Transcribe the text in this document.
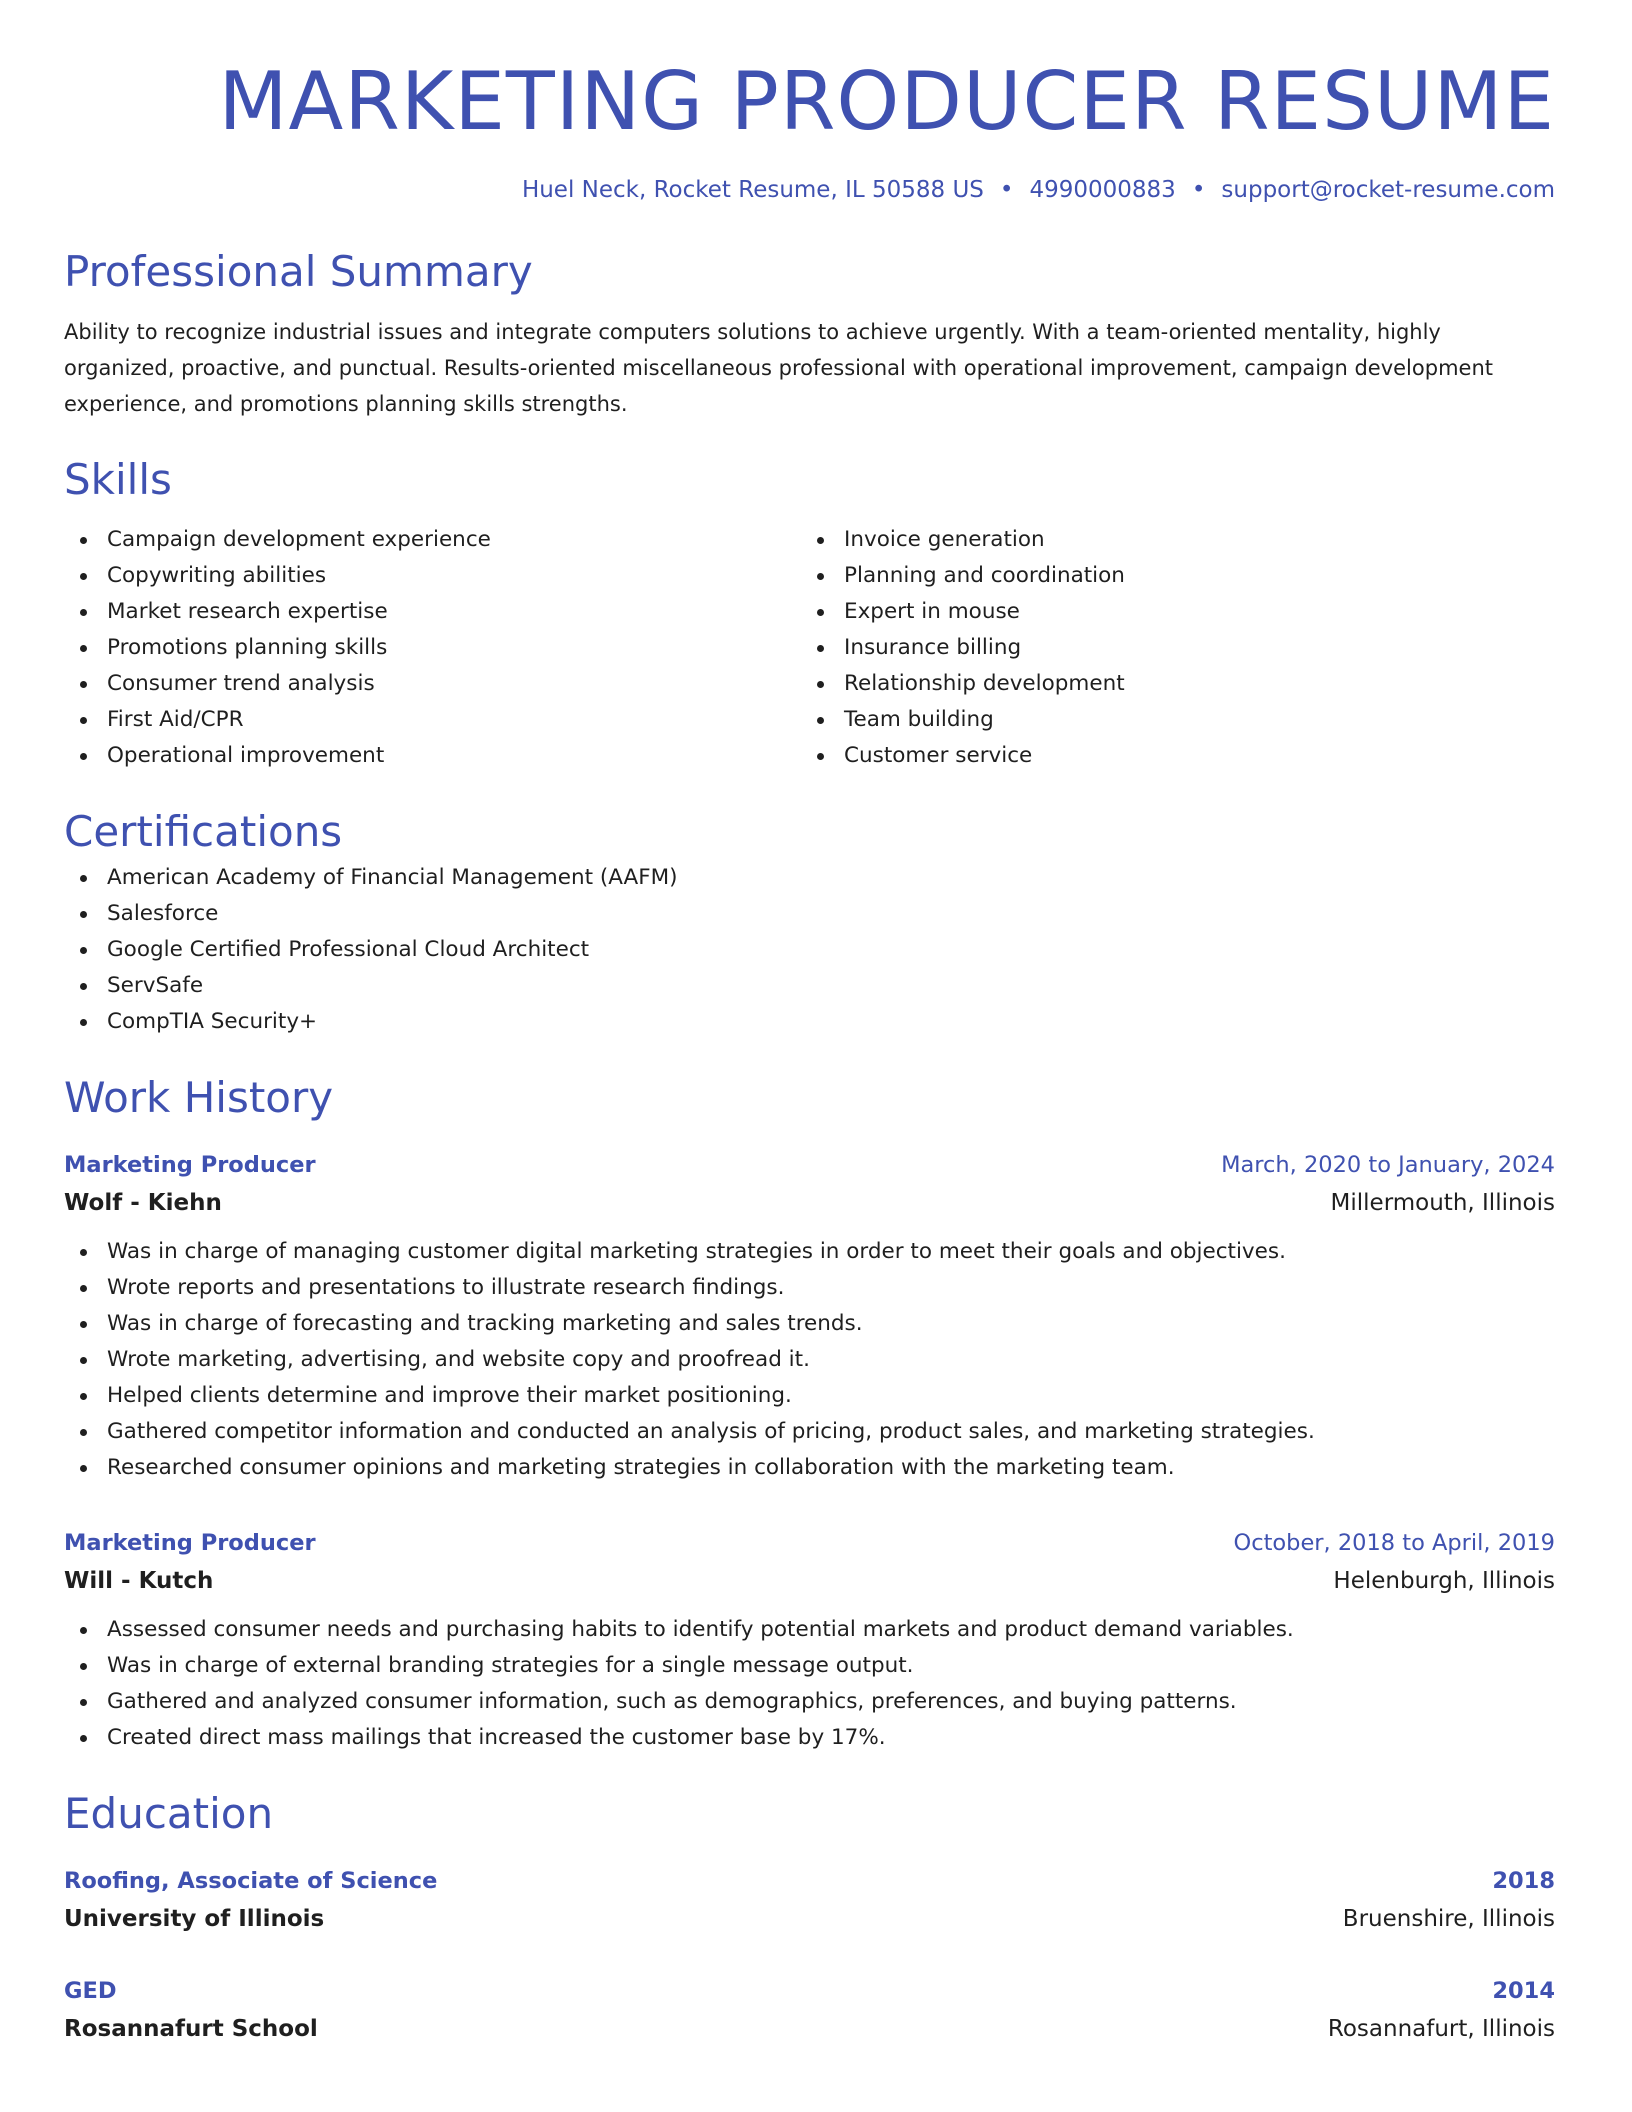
MARKETING PRODUCER RESUME
Huel Neck, Rocket Resume, IL 50588 US • 4990000883 • support@rocket-resume.com
Professional Summary
Ability to recognize industrial issues and integrate computers solutions to achieve urgently. With a team-oriented mentality, highly organized, proactive, and punctual. Results-oriented miscellaneous professional with operational improvement, campaign development experience, and promotions planning skills strengths.
Skills
Campaign development experience
Copywriting abilities
Market research expertise
Promotions planning skills
Consumer trend analysis
First Aid/CPR
Operational improvement
Invoice generation
Planning and coordination
Expert in mouse
Insurance billing
Relationship development
Team building
Customer service
Certifications
American Academy of Financial Management (AAFM)
Salesforce
Google Certified Professional Cloud Architect
ServSafe
CompTIA Security+
Work History
Marketing Producer	March, 2020 to January, 2024
Wolf - Kiehn	Millermouth, Illinois
Was in charge of managing customer digital marketing strategies in order to meet their goals and objectives.
Wrote reports and presentations to illustrate research findings.
Was in charge of forecasting and tracking marketing and sales trends.
Wrote marketing, advertising, and website copy and proofread it.
Helped clients determine and improve their market positioning.
Gathered competitor information and conducted an analysis of pricing, product sales, and marketing strategies.
Researched consumer opinions and marketing strategies in collaboration with the marketing team.
Marketing Producer	October, 2018 to April, 2019
Will - Kutch	Helenburgh, Illinois
Assessed consumer needs and purchasing habits to identify potential markets and product demand variables.
Was in charge of external branding strategies for a single message output.
Gathered and analyzed consumer information, such as demographics, preferences, and buying patterns.
Created direct mass mailings that increased the customer base by 17%.
Education
Roofing, Associate of Science	2018
University of Illinois	Bruenshire, Illinois
GED	2014
Rosannafurt School	Rosannafurt, Illinois
